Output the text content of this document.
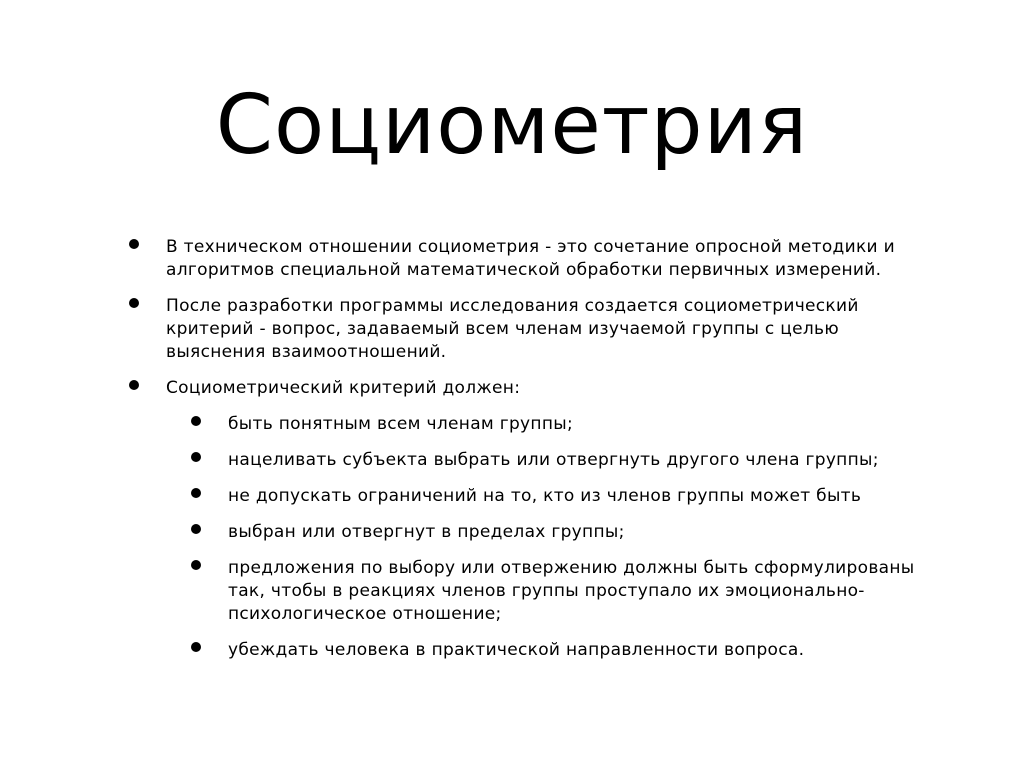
Социометрия
В техническом отношении социометрия - это сочетание опросной методики и алгоритмов специальной математической обработки первичных измерений.
После разработки программы исследования создается социометрический критерий - вопрос, задаваемый всем членам изучаемой группы с целью выяснения взаимоотношений.
Социометрический критерий должен:
быть понятным всем членам группы;
нацеливать субъекта выбрать или отвергнуть другого члена группы;
не допускать ограничений на то, кто из членов группы может быть
выбран или отвергнут в пределах группы;
предложения по выбору или отвержению должны быть сформулированы так, чтобы в реакциях членов группы проступало их эмоционально-психологическое отношение;
убеждать человека в практической направленности вопроса.
